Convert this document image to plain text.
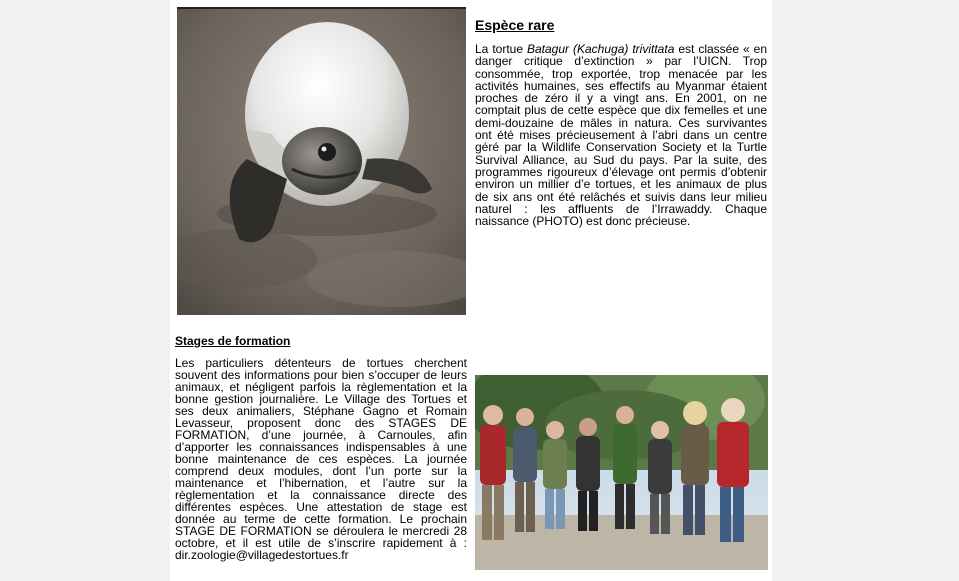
Espèce rare

La tortue Batagur (Kachuga) trivittata est classée « en danger critique d’extinction » par l’UICN. Trop consommée, trop exportée, trop menacée par les activités humaines, ses effectifs au Myanmar étaient proches de zéro il y a vingt ans. En 2001, on ne comptait plus de cette espèce que dix femelles et une demi-douzaine de mâles in natura. Ces survivantes ont été mises précieusement à l’abri dans un centre géré par la Wildlife Conservation Society et la Turtle Survival Alliance, au Sud du pays. Par la suite, des programmes rigoureux d’élevage ont permis d’obtenir environ un millier d’e tortues, et les animaux de plus de six ans ont été relâchés et suivis dans leur milieu naturel : les affluents de l’Irrawaddy. Chaque naissance (PHOTO) est donc précieuse.

Stages de formation

Les particuliers détenteurs de tortues cherchent souvent des informations pour bien s’occuper de leurs animaux, et négligent parfois la règlementation et la bonne gestion journalière. Le Village des Tortues et ses deux animaliers, Stéphane Gagno et Romain Levasseur, proposent donc des STAGES DE FORMATION, d’une journée, à Carnoules, afin d’apporter les connaissances indispensables à une bonne maintenance de ces espèces. La journée comprend deux modules, dont l’un porte sur la maintenance et l’hibernation, et l’autre sur la règlementation et la connaissance directe des différentes espèces. Une attestation de stage est donnée au terme de cette formation. Le prochain STAGE DE FORMATION se déroulera le mercredi 28 octobre, et il est utile de s’inscrire rapidement à : dir.zoologie@villagedestortues.fr
